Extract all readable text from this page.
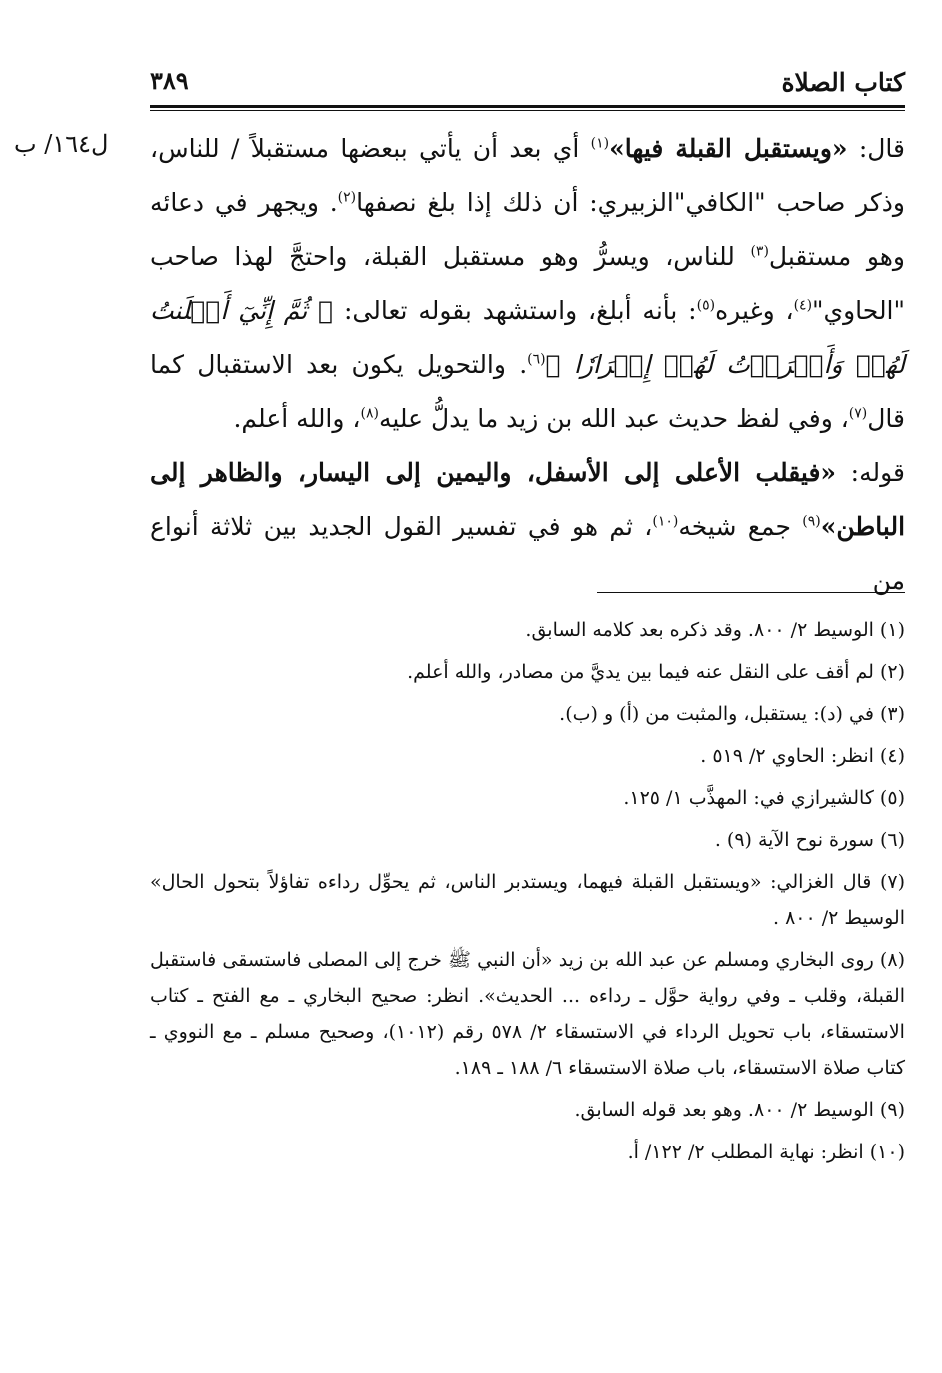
كتاب الصلاة
٣٨٩
ل١٦٤/ ب	قال: «ويستقبل القبلة فيها»$^{(١)}$ أي بعد أن يأتي ببعضها مستقبلاً / للناس، وذكر صاحب "الكافي"الزبيري: أن ذلك إذا بلغ نصفها$^{(٢)}$. ويجهر في دعائه وهو مستقبل$^{(٣)}$ للناس، ويسرُّ وهو مستقبل القبلة، واحتجَّ لهذا صاحب "الحاوي"$^{(٤)}$، وغيره$^{(٥)}$: بأنه أبلغ، واستشهد بقوله تعالى: ﴿ ثُمَّ إِنِّيٓ أَعۡلَنتُ لَهُمۡ وَأَسۡرَرۡتُ لَهُمۡ إِسۡرَارٗا ﴾$^{(٦)}$. والتحويل يكون بعد الاستقبال كما قال$^{(٧)}$، وفي لفظ حديث عبد الله بن زيد ما يدلُّ عليه$^{(٨)}$، والله أعلم.

قوله: «فيقلب الأعلى إلى الأسفل، واليمين إلى اليسار، والظاهر إلى الباطن»$^{(٩)}$ جمع شيخه$^{(١٠)}$، ثم هو في تفسير القول الجديد بين ثلاثة أنواع من

(١) الوسيط ٢/ ٨٠٠. وقد ذكره بعد كلامه السابق.

(٢) لم أقف على النقل عنه فيما بين يديَّ من مصادر، والله أعلم.

(٣) في (د): يستقبل، والمثبت من (أ) و (ب).

(٤) انظر: الحاوي ٢/ ٥١٩ .

(٥) كالشيرازي في: المهذَّب ١/ ١٢٥.

(٦) سورة نوح الآية (٩) .

(٧) قال الغزالي: «ويستقبل القبلة فيهما، ويستدبر الناس، ثم يحوِّل رداءه تفاؤلاً بتحول الحال» الوسيط ٢/ ٨٠٠ .

(٨) روى البخاري ومسلم عن عبد الله بن زيد «أن النبي ﷺ خرج إلى المصلى فاستسقى فاستقبل القبلة، وقلب ـ وفي رواية حوَّل ـ رداءه ... الحديث». انظر: صحيح البخاري ـ مع الفتح ـ كتاب الاستسقاء، باب تحويل الرداء في الاستسقاء ٢/ ٥٧٨ رقم (١٠١٢)، وصحيح مسلم ـ مع النووي ـ كتاب صلاة الاستسقاء، باب صلاة الاستسقاء ٦/ ١٨٨ ـ ١٨٩.

(٩) الوسيط ٢/ ٨٠٠. وهو بعد قوله السابق.

(١٠) انظر: نهاية المطلب ٢/ ١٢٢/ أ.
